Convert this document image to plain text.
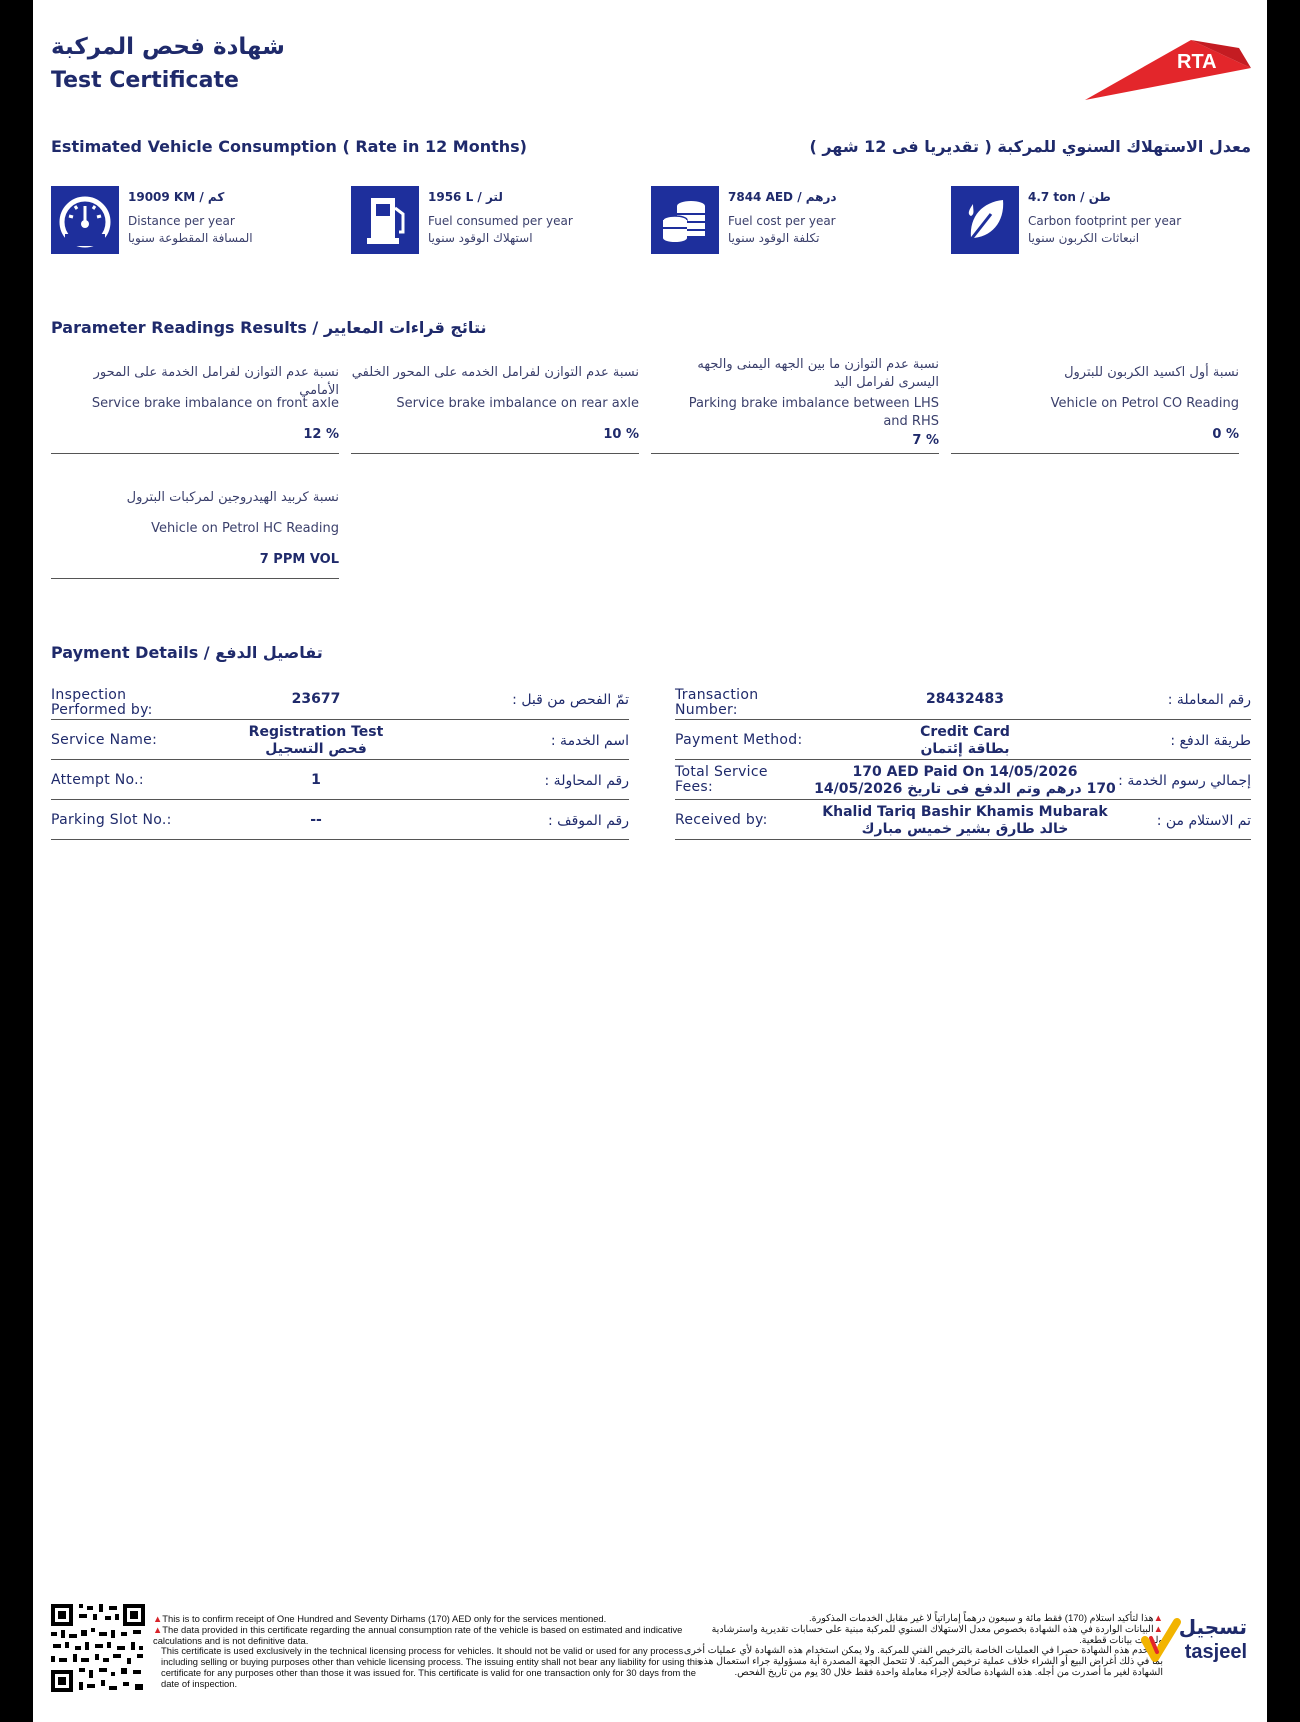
شهادة فحص المركبة
Test Certificate
RTA
Estimated Vehicle Consumption ( Rate in 12 Months)	معدل الاستهلاك السنوي للمركبة ( تقديريا فى 12 شهر )
19009 KM / كم
Distance per year
المسافة المقطوعة سنويا
1956 L / لتر
Fuel consumed per year
استهلاك الوقود سنويا
7844 AED / درهم
Fuel cost per year
تكلفة الوقود سنويا
4.7 ton / طن
Carbon footprint per year
انبعاثات الكربون سنويا
Parameter Readings Results / نتائج قراءات المعايير
نسبة عدم التوازن لفرامل الخدمة على المحور الأمامي
Service brake imbalance on front axle
12 %
نسبة عدم التوازن لفرامل الخدمه على المحور الخلفي
Service brake imbalance on rear axle
10 %
نسبة عدم التوازن ما بين الجهه اليمنى والجهه اليسرى لفرامل اليد
Parking brake imbalance between LHS and RHS
7 %
نسبة أول اكسيد الكربون للبترول
Vehicle on Petrol CO Reading
0 %
نسبة كربيد الهيدروجين لمركبات البترول
Vehicle on Petrol HC Reading
7 PPM VOL
Payment Details / تفاصيل الدفع
Inspection Performed by:
23677	تمّ الفحص من قبل :
Service Name:	Registration Test
فحص التسجيل	اسم الخدمة :
Attempt No.:	1	رقم المحاولة :
Parking Slot No.:	--	رقم الموقف :
Transaction Number:
28432483	رقم المعاملة :
Payment Method:	Credit Card
بطاقة إئتمان	طريقة الدفع :
Total Service Fees:
170 AED Paid On 14/05/2026
170 درهم وتم الدفع فى تاريخ 14/05/2026 إجمالي رسوم الخدمة :
Received by:	Khalid Tariq Bashir Khamis Mubarak
خالد طارق بشير خميس مبارك	تم الاستلام من :
▲This is to confirm receipt of One Hundred and Seventy Dirhams (170) AED only for the services mentioned.
▲The data provided in this certificate regarding the annual consumption rate of the vehicle is based on estimated and indicative calculations and is not definitive data.
This certificate is used exclusively in the technical licensing process for vehicles. It should not be valid or used for any process including selling or buying purposes other than vehicle licensing process. The issuing entity shall not bear any liability for using this certificate for any purposes other than those it was issued for. This certificate is valid for one transaction only for 30 days from the date of inspection.
▲هذا لتأكيد استلام (170) فقط مائة و سبعون درهماً إماراتياً لا غير مقابل الخدمات المذكورة.
▲البيانات الواردة في هذه الشهادة بخصوص معدل الاستهلاك السنوي للمركبة مبنية على حسابات تقديرية واسترشادية وليست بيانات قطعية.
تستخدم هذه الشهادة حصرا في العمليات الخاصة بالترخيص الفني للمركبة. ولا يمكن استخدام هذه الشهادة لأي عمليات أخرى بما في ذلك أغراض البيع أو الشراء خلاف عملية ترخيص المركبة. لا تتحمل الجهة المصدرة أية مسؤولية جراء استعمال هذه الشهادة لغير ما أصدرت من أجله. هذه الشهادة صالحة لإجراء معاملة واحدة فقط خلال 30 يوم من تاريخ الفحص.
تسجيل
tasjeel
